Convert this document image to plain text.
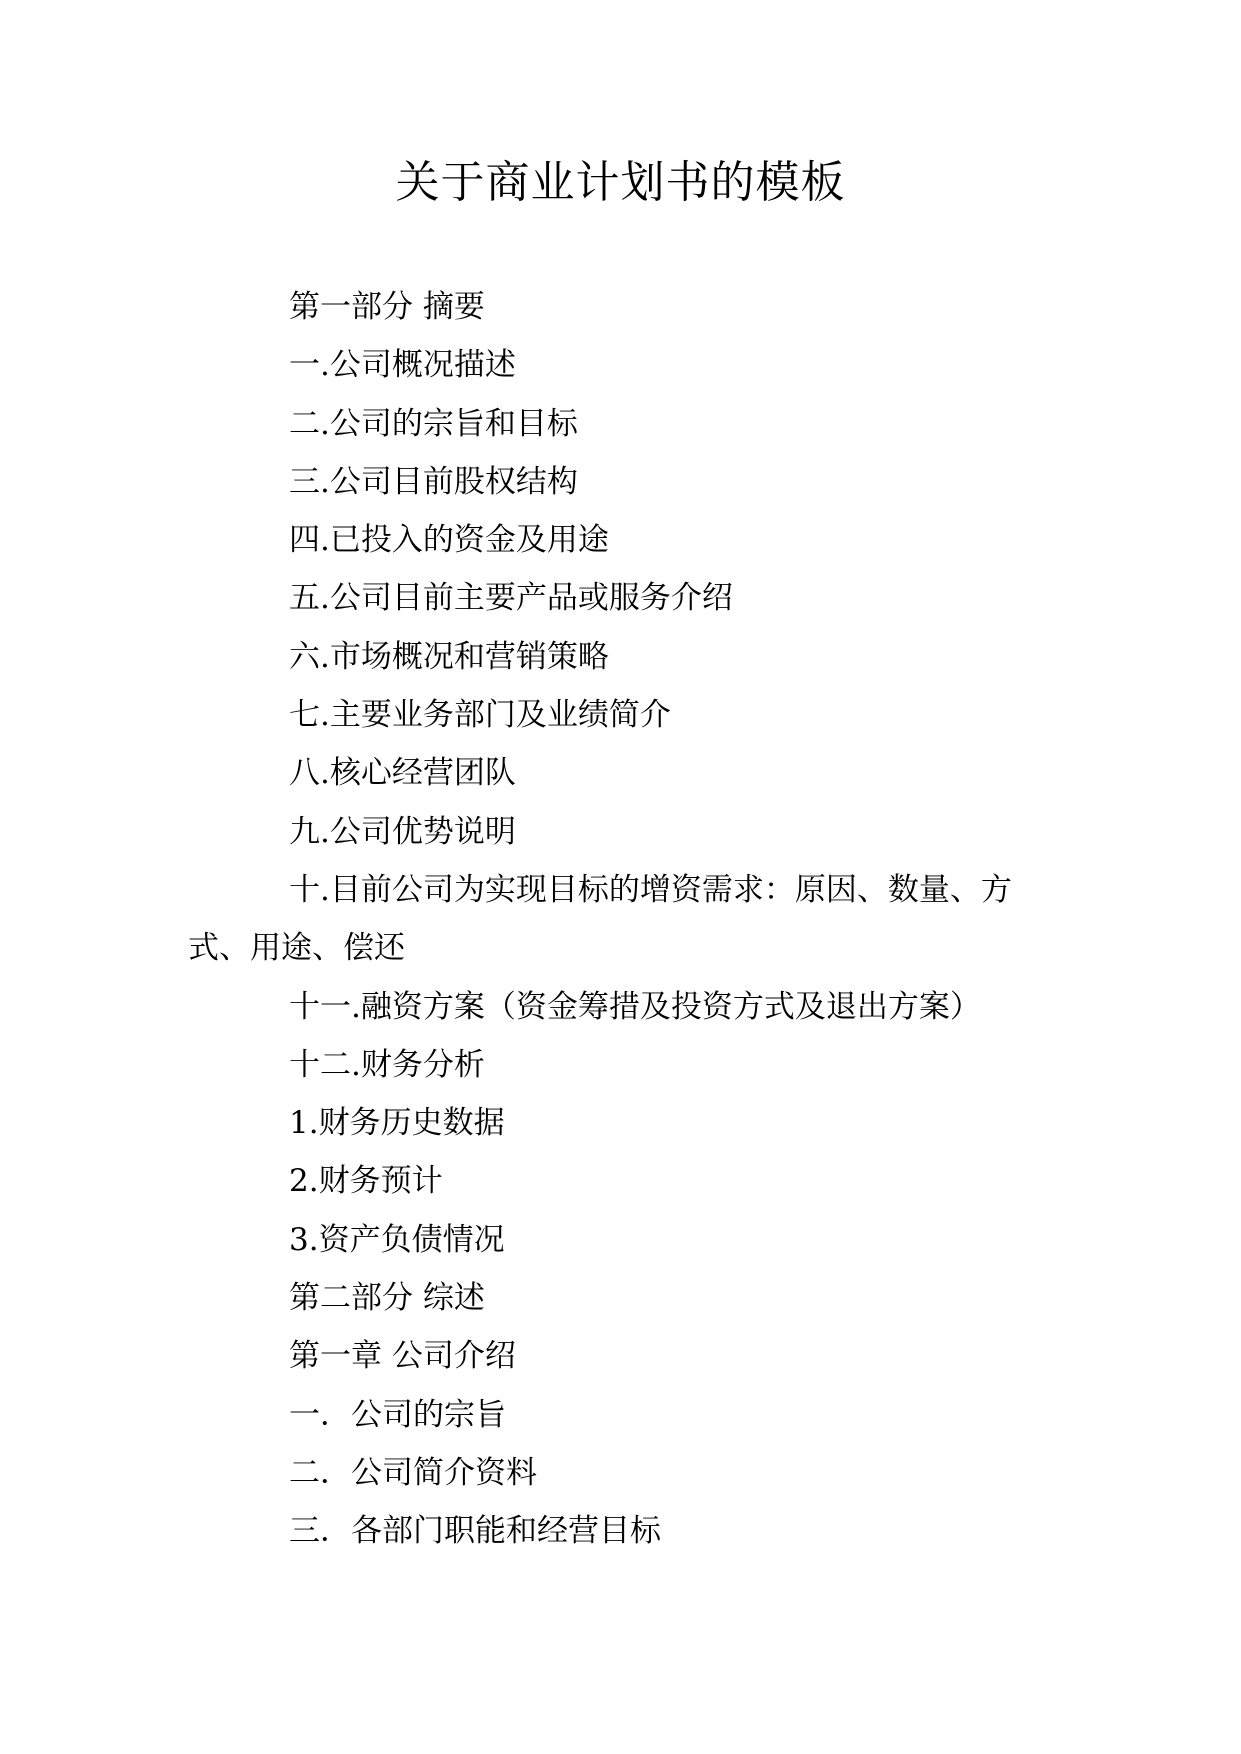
关于商业计划书的模板
第一部分 摘要
一.公司概况描述
二.公司的宗旨和目标
三.公司目前股权结构
四.已投入的资金及用途
五.公司目前主要产品或服务介绍
六.市场概况和营销策略
七.主要业务部门及业绩简介
八.核心经营团队
九.公司优势说明
十.目前公司为实现目标的增资需求：原因、数量、方式、用途、偿还
十一.融资方案（资金筹措及投资方式及退出方案）
十二.财务分析
1.财务历史数据
2.财务预计
3.资产负债情况
第二部分 综述
第一章 公司介绍
一．公司的宗旨
二．公司简介资料
三．各部门职能和经营目标
